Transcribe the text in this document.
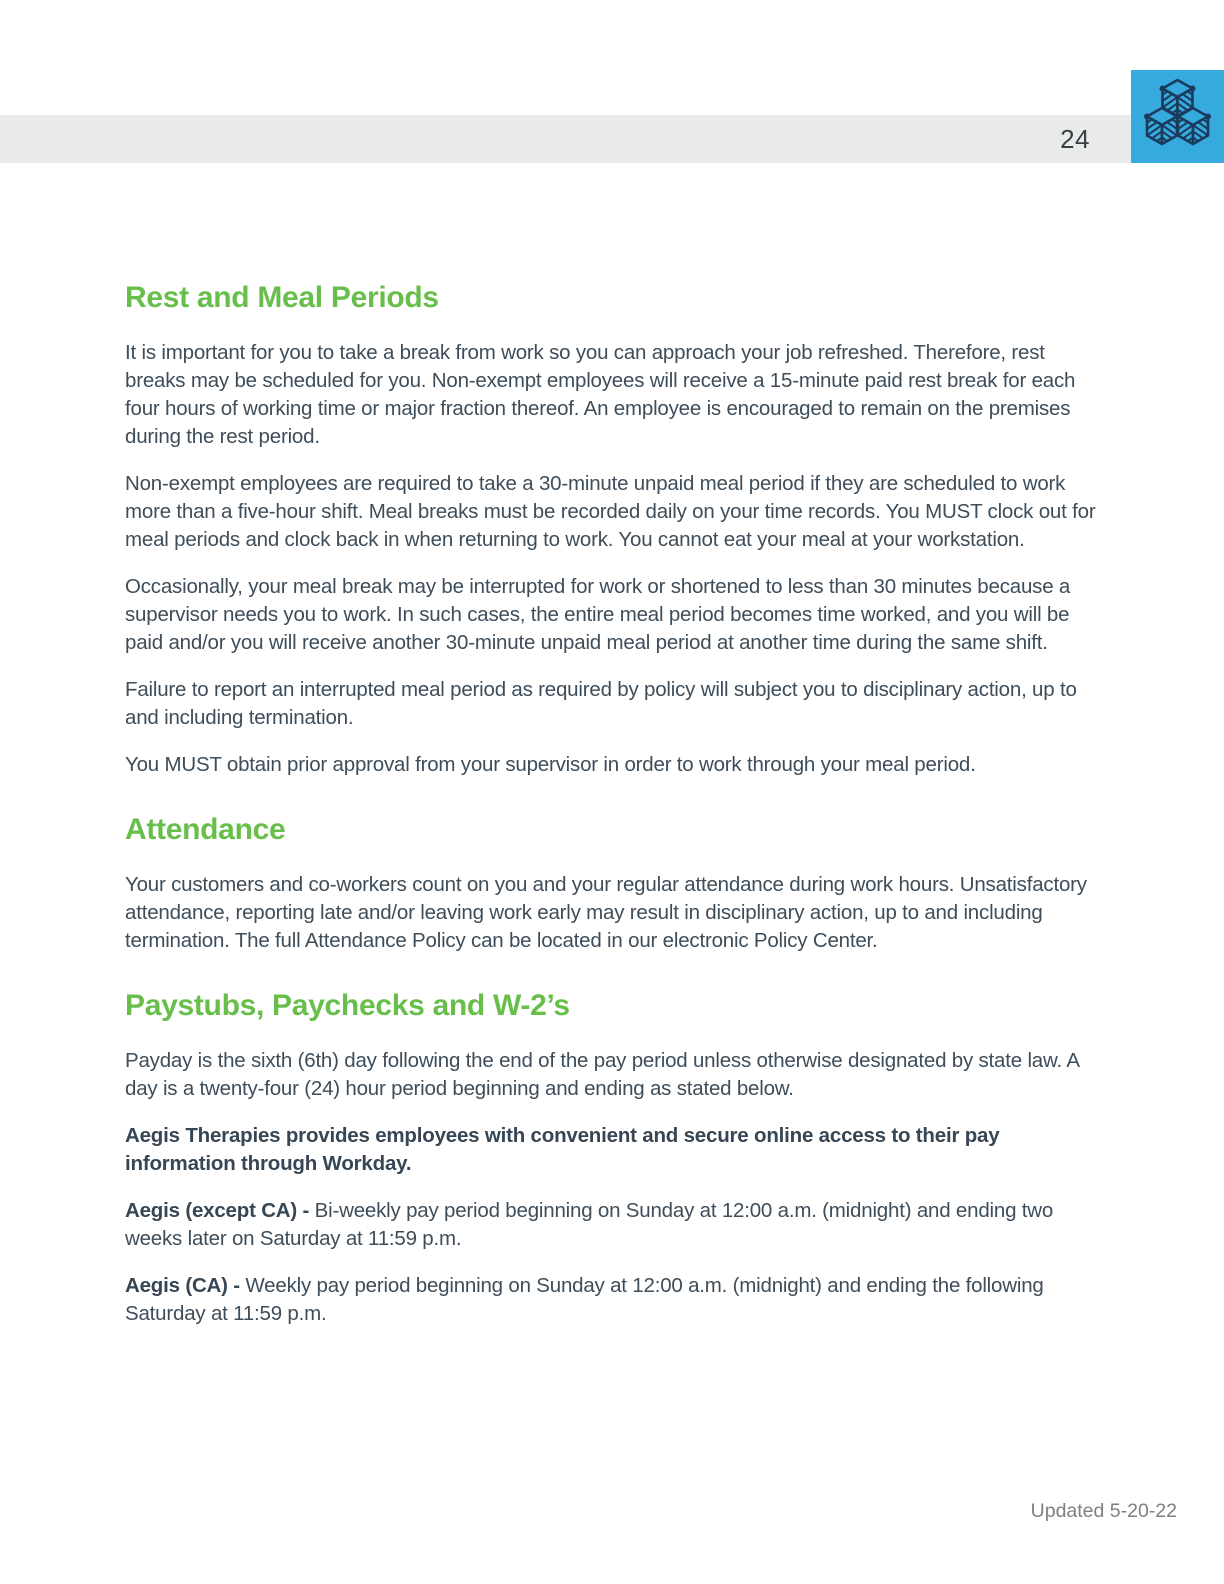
24
Rest and Meal Periods

It is important for you to take a break from work so you can approach your job refreshed. Therefore, rest breaks may be scheduled for you. Non-exempt employees will receive a 15-minute paid rest break for each four hours of working time or major fraction thereof. An employee is encouraged to remain on the premises during the rest period.

Non-exempt employees are required to take a 30-minute unpaid meal period if they are scheduled to work more than a five-hour shift. Meal breaks must be recorded daily on your time records. You MUST clock out for meal periods and clock back in when returning to work. You cannot eat your meal at your workstation.

Occasionally, your meal break may be interrupted for work or shortened to less than 30 minutes because a supervisor needs you to work. In such cases, the entire meal period becomes time worked, and you will be paid and/or you will receive another 30-minute unpaid meal period at another time during the same shift.

Failure to report an interrupted meal period as required by policy will subject you to disciplinary action, up to and including termination.

You MUST obtain prior approval from your supervisor in order to work through your meal period.

Attendance

Your customers and co-workers count on you and your regular attendance during work hours. Unsatisfactory attendance, reporting late and/or leaving work early may result in disciplinary action, up to and including termination. The full Attendance Policy can be located in our electronic Policy Center.

Paystubs, Paychecks and W-2’s

Payday is the sixth (6th) day following the end of the pay period unless otherwise designated by state law. A day is a twenty-four (24) hour period beginning and ending as stated below.

Aegis Therapies provides employees with convenient and secure online access to their pay information through Workday.

Aegis (except CA) - Bi-weekly pay period beginning on Sunday at 12:00 a.m. (midnight) and ending two weeks later on Saturday at 11:59 p.m.

Aegis (CA) - Weekly pay period beginning on Sunday at 12:00 a.m. (midnight) and ending the following Saturday at 11:59 p.m.

Updated 5-20-22
